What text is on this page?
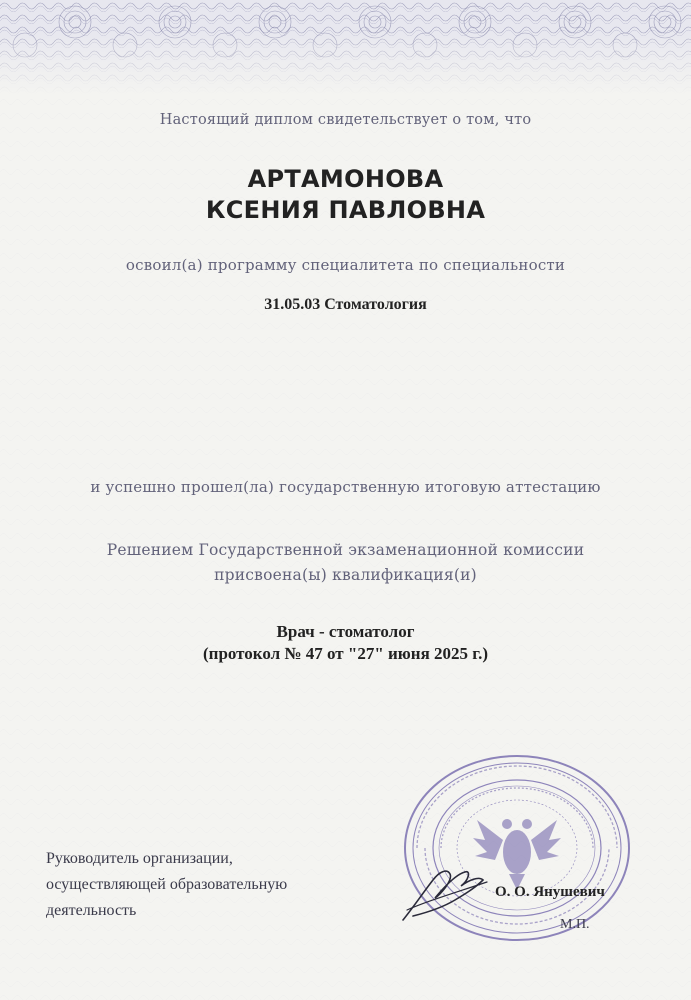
Настоящий диплом свидетельствует о том, что
АРТАМОНОВА
КСЕНИЯ ПАВЛОВНА
освоил(а) программу специалитета по специальности
31.05.03 Стоматология
и успешно прошел(ла) государственную итоговую аттестацию
Решением Государственной экзаменационной комиссии
присвоена(ы) квалификация(и)
Врач - стоматолог
(протокол № 47 от "27" июня 2025 г.)
Руководитель организации,
осуществляющей образовательную
деятельность
О. О. Янушевич
М.П.
